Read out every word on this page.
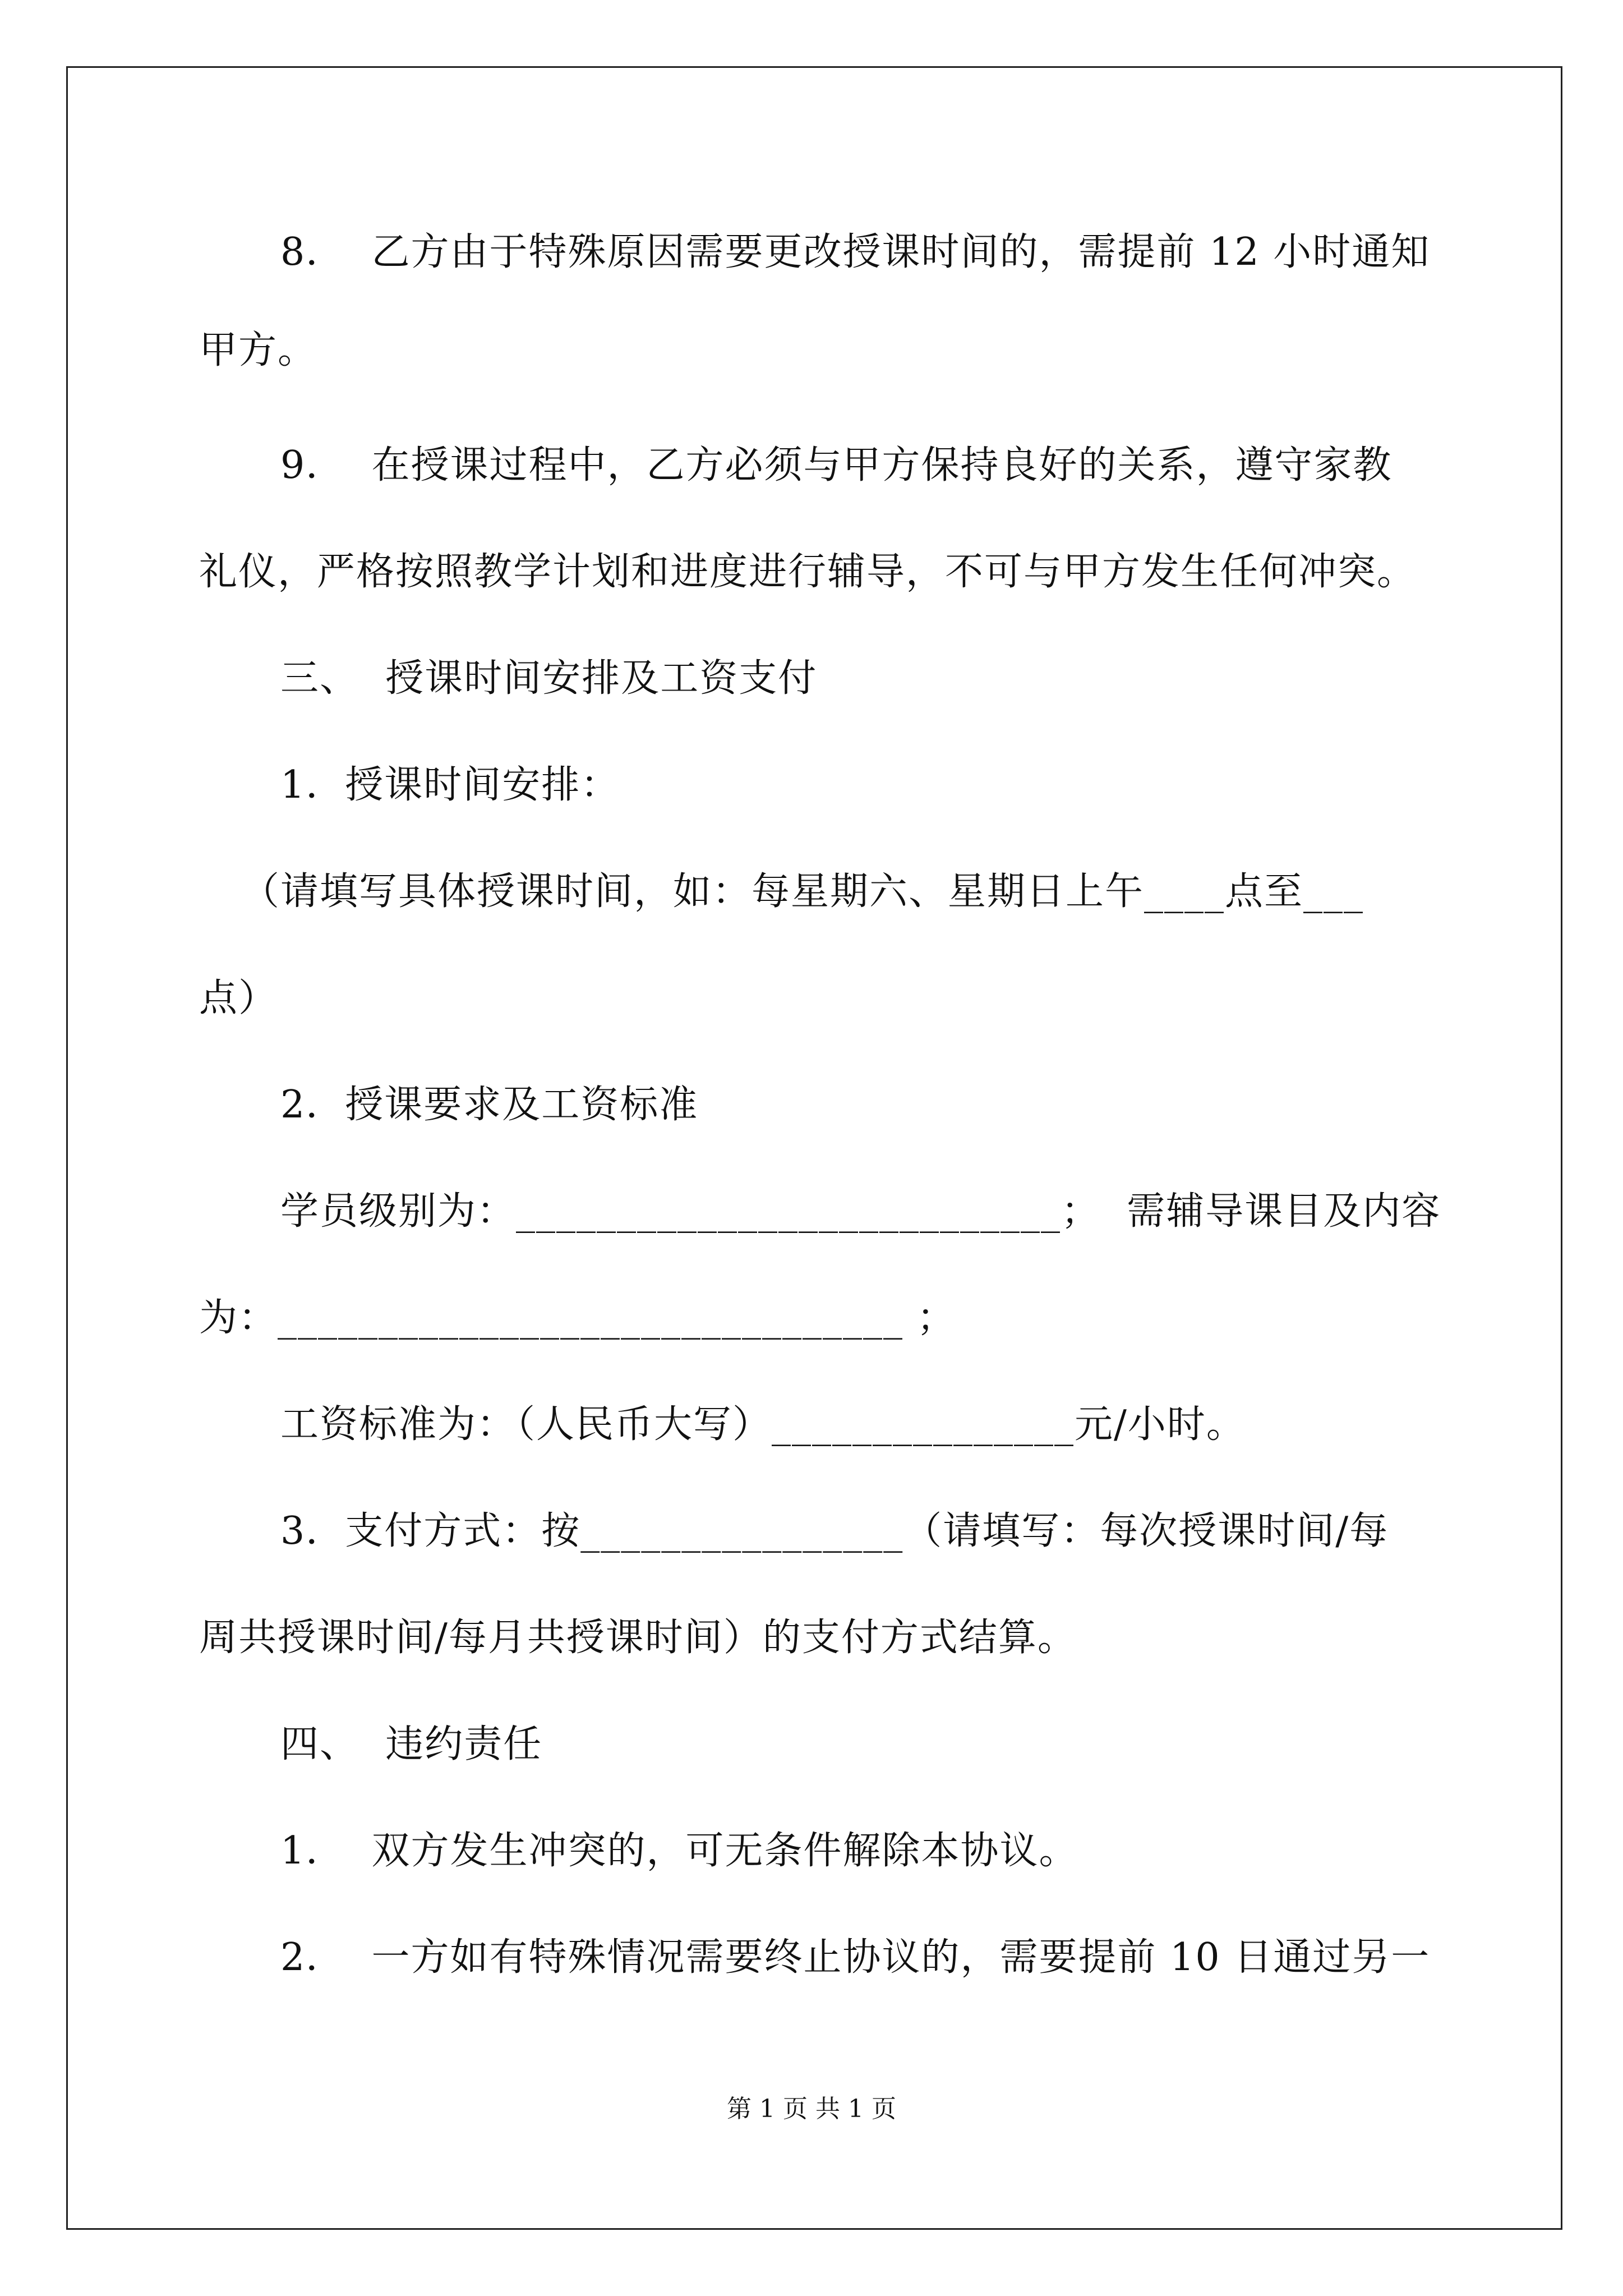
8．  乙方由于特殊原因需要更改授课时间的，需提前 12 小时通知
甲方。
9．  在授课过程中，乙方必须与甲方保持良好的关系，遵守家教
礼仪，严格按照教学计划和进度进行辅导，不可与甲方发生任何冲突。
三、  授课时间安排及工资支付
1．授课时间安排：
（请填写具体授课时间，如：每星期六、星期日上午____点至___
点）
2．授课要求及工资标准
学员级别为：___________________________；  需辅导课目及内容
为：_______________________________ ；
工资标准为：（人民币大写）_______________元/小时。
3．支付方式：按________________（请填写：每次授课时间/每
周共授课时间/每月共授课时间）的支付方式结算。
四、  违约责任
1．  双方发生冲突的，可无条件解除本协议。
2．  一方如有特殊情况需要终止协议的，需要提前 10 日通过另一
第 1 页 共 1 页
